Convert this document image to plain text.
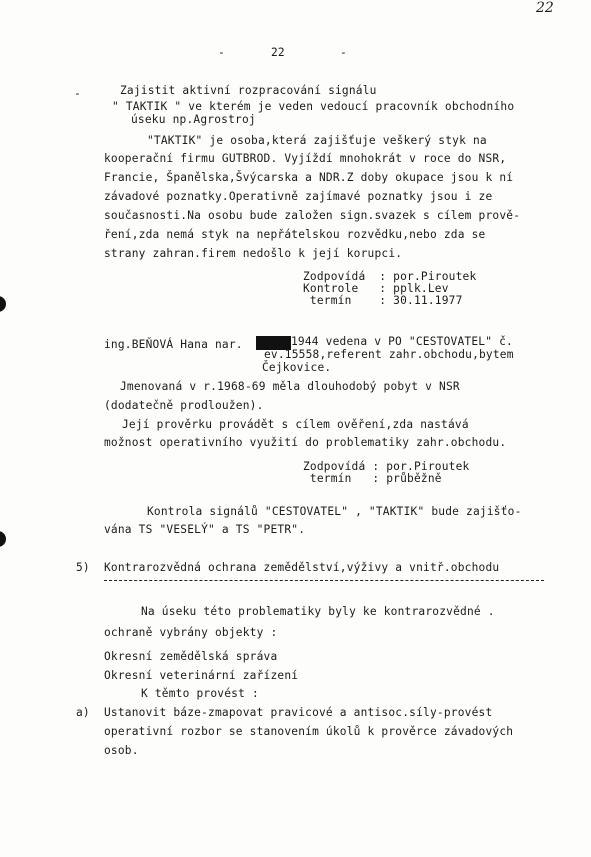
22
-	22	-
-	Zajistit aktivní rozpracování signálu
" TAKTIK " ve kterém je veden vedoucí pracovník obchodního
úseku np.Agrostroj
"TAKTIK" je osoba,která zajišťuje veškerý styk na
kooperační firmu GUTBROD. Vyjíždí mnohokrát v roce do NSR,
Francie, Španělska,Švýcarska a NDR.Z doby okupace jsou k ní
závadové poznatky.Operativně zajímavé poznatky jsou i ze
současnosti.Na osobu bude založen sign.svazek s cílem prově-
ření,zda nemá styk na nepřátelskou rozvědku,nebo zda se
strany zahran.firem nedošlo k její korupci.
Zodpovídá  : por.Piroutek
Kontrole   : pplk.Lev
termín    : 30.11.1977
ing.BEŇOVÁ Hana nar.	1944 vedena v PO "CESTOVATEL" č.
ev.15558,referent zahr.obchodu,bytem
Čejkovice.
Jmenovaná v r.1968-69 měla dlouhodobý pobyt v NSR
(dodatečně prodloužen).
Její prověrku provádět s cílem ověření,zda nastává
možnost operativního využití do problematiky zahr.obchodu.
Zodpovídá : por.Piroutek
termín   : průběžně
Kontrola signálů "CESTOVATEL" , "TAKTIK" bude zajišťo-
vána TS "VESELÝ" a TS "PETR".
5) Kontrarozvědná ochrana zemědělství,výživy a vnitř.obchodu
Na úseku této problematiky byly ke kontrarozvědné .
ochraně vybrány objekty :
Okresní zemědělská správa
Okresní veterinární zařízení
K těmto provést :
a) Ustanovit báze-zmapovat pravicové a antisoc.síly-provést
operativní rozbor se stanovením úkolů k prověrce závadových
osob.
